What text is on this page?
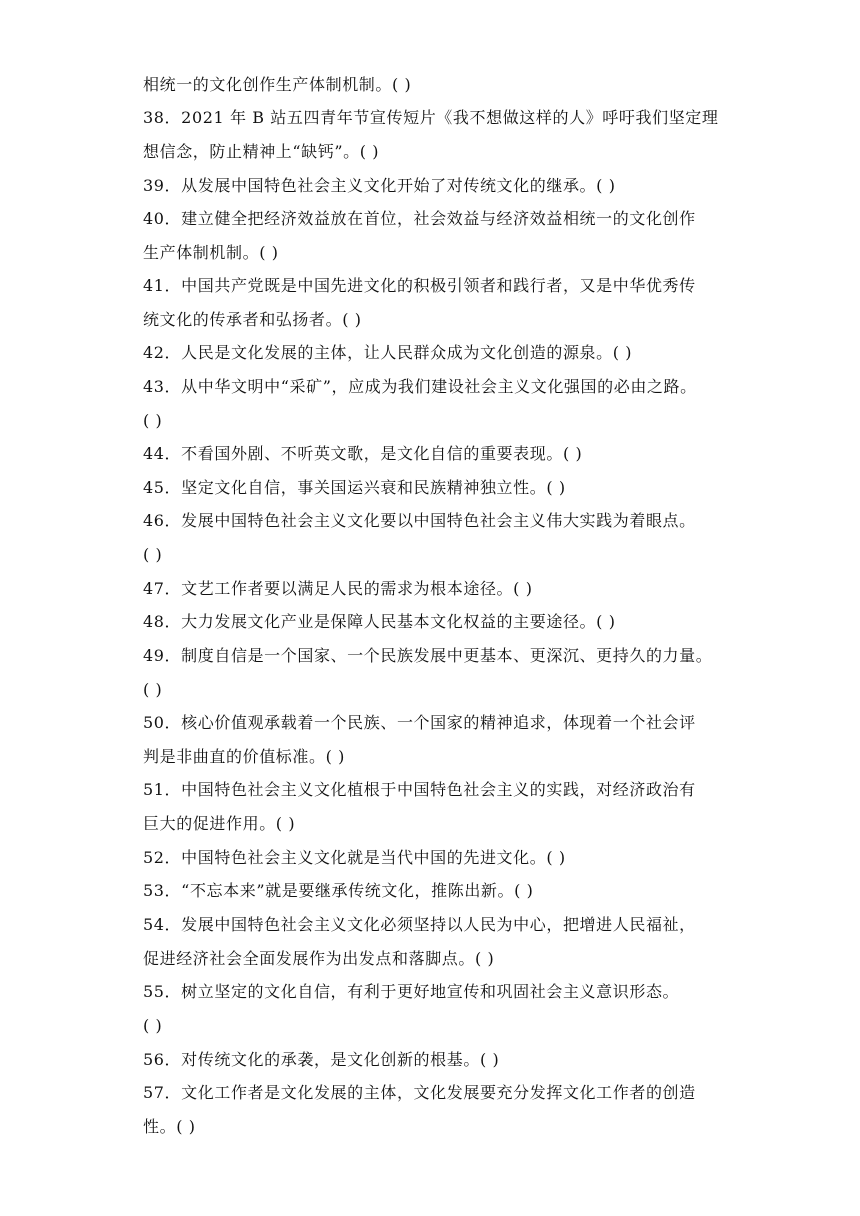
相统一的文化创作生产体制机制。( )
38．2021 年 B 站五四青年节宣传短片《我不想做这样的人》呼吁我们坚定理
想信念，防止精神上“缺钙”。( )
39．从发展中国特色社会主义文化开始了对传统文化的继承。( )
40．建立健全把经济效益放在首位，社会效益与经济效益相统一的文化创作
生产体制机制。( )
41．中国共产党既是中国先进文化的积极引领者和践行者，又是中华优秀传
统文化的传承者和弘扬者。( )
42．人民是文化发展的主体，让人民群众成为文化创造的源泉。( )
43．从中华文明中“采矿”，应成为我们建设社会主义文化强国的必由之路。
( )
44．不看国外剧、不听英文歌，是文化自信的重要表现。( )
45．坚定文化自信，事关国运兴衰和民族精神独立性。( )
46．发展中国特色社会主义文化要以中国特色社会主义伟大实践为着眼点。
( )
47．文艺工作者要以满足人民的需求为根本途径。( )
48．大力发展文化产业是保障人民基本文化权益的主要途径。( )
49．制度自信是一个国家、一个民族发展中更基本、更深沉、更持久的力量。
( )
50．核心价值观承载着一个民族、一个国家的精神追求，体现着一个社会评
判是非曲直的价值标准。( )
51．中国特色社会主义文化植根于中国特色社会主义的实践，对经济政治有
巨大的促进作用。( )
52．中国特色社会主义文化就是当代中国的先进文化。( )
53．“不忘本来”就是要继承传统文化，推陈出新。( )
54．发展中国特色社会主义文化必须坚持以人民为中心，把增进人民福祉，
促进经济社会全面发展作为出发点和落脚点。( )
55．树立坚定的文化自信，有利于更好地宣传和巩固社会主义意识形态。
( )
56．对传统文化的承袭，是文化创新的根基。( )
57．文化工作者是文化发展的主体，文化发展要充分发挥文化工作者的创造
性。( )
